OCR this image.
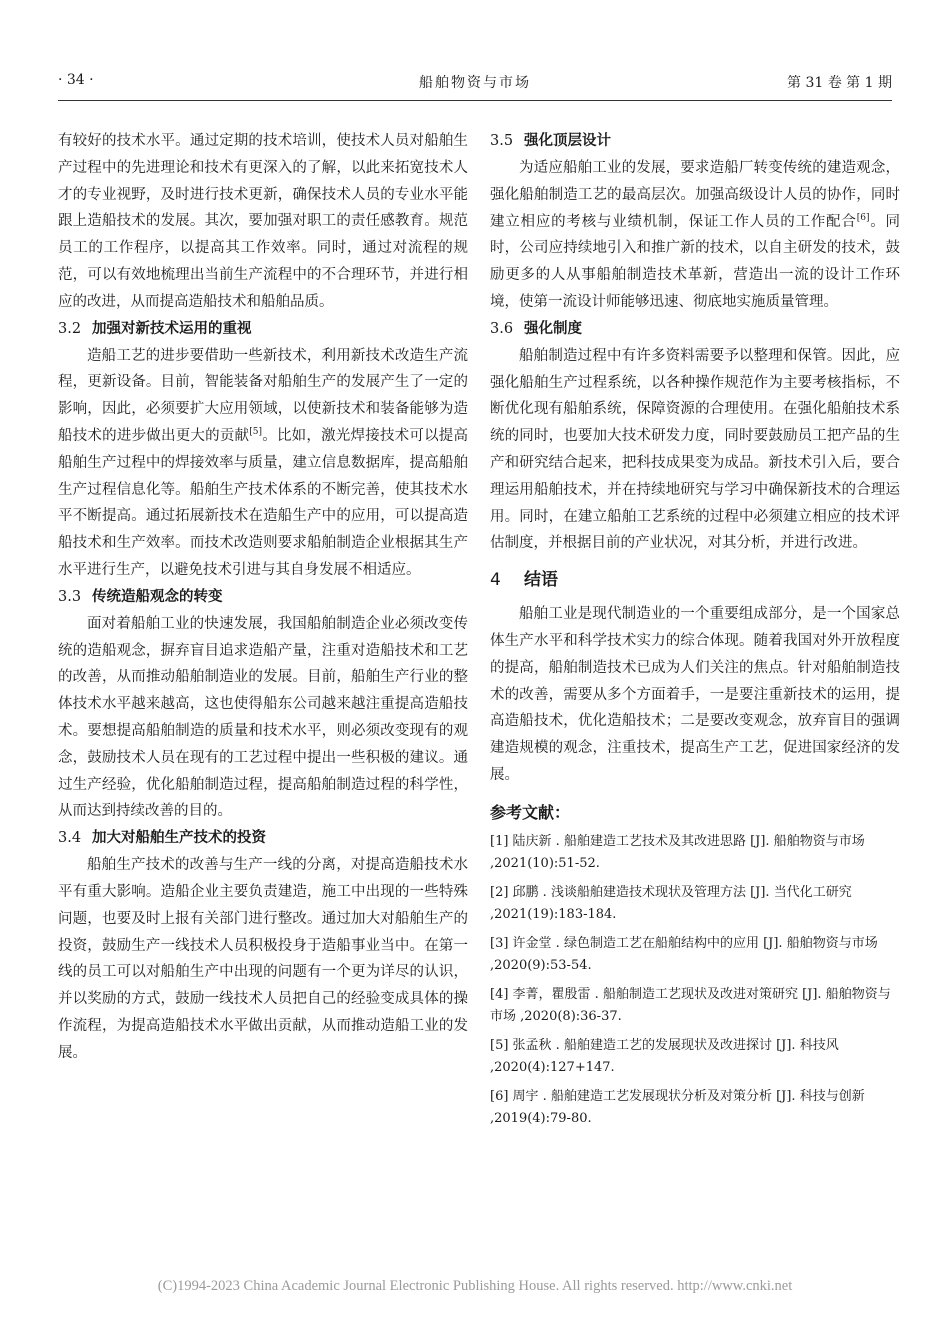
· 34 ·	船舶物资与市场	第 31 卷 第 1 期

有较好的技术水平。通过定期的技术培训，使技术人员对船舶生产过程中的先进理论和技术有更深入的了解，以此来拓宽技术人才的专业视野，及时进行技术更新，确保技术人员的专业水平能跟上造船技术的发展。其次，要加强对职工的责任感教育。规范员工的工作程序，以提高其工作效率。同时，通过对流程的规范，可以有效地梳理出当前生产流程中的不合理环节，并进行相应的改进，从而提高造船技术和船舶品质。

3.2 加强对新技术运用的重视

造船工艺的进步要借助一些新技术，利用新技术改造生产流程，更新设备。目前，智能装备对船舶生产的发展产生了一定的影响，因此，必须要扩大应用领域，以使新技术和装备能够为造船技术的进步做出更大的贡献[5]。比如，激光焊接技术可以提高船舶生产过程中的焊接效率与质量，建立信息数据库，提高船舶生产过程信息化等。船舶生产技术体系的不断完善，使其技术水平不断提高。通过拓展新技术在造船生产中的应用，可以提高造船技术和生产效率。而技术改造则要求船舶制造企业根据其生产水平进行生产，以避免技术引进与其自身发展不相适应。

3.3 传统造船观念的转变

面对着船舶工业的快速发展，我国船舶制造企业必须改变传统的造船观念，摒弃盲目追求造船产量，注重对造船技术和工艺的改善，从而推动船舶制造业的发展。目前，船舶生产行业的整体技术水平越来越高，这也使得船东公司越来越注重提高造船技术。要想提高船舶制造的质量和技术水平，则必须改变现有的观念，鼓励技术人员在现有的工艺过程中提出一些积极的建议。通过生产经验，优化船舶制造过程，提高船舶制造过程的科学性，从而达到持续改善的目的。

3.4 加大对船舶生产技术的投资

船舶生产技术的改善与生产一线的分离，对提高造船技术水平有重大影响。造船企业主要负责建造，施工中出现的一些特殊问题，也要及时上报有关部门进行整改。通过加大对船舶生产的投资，鼓励生产一线技术人员积极投身于造船事业当中。在第一线的员工可以对船舶生产中出现的问题有一个更为详尽的认识，并以奖励的方式，鼓励一线技术人员把自己的经验变成具体的操作流程，为提高造船技术水平做出贡献，从而推动造船工业的发展。

3.5 强化顶层设计

为适应船舶工业的发展，要求造船厂转变传统的建造观念，强化船舶制造工艺的最高层次。加强高级设计人员的协作，同时建立相应的考核与业绩机制，保证工作人员的工作配合[6]。同时，公司应持续地引入和推广新的技术，以自主研发的技术，鼓励更多的人从事船舶制造技术革新，营造出一流的设计工作环境，使第一流设计师能够迅速、彻底地实施质量管理。

3.6 强化制度

船舶制造过程中有许多资料需要予以整理和保管。因此，应强化船舶生产过程系统，以各种操作规范作为主要考核指标，不断优化现有船舶系统，保障资源的合理使用。在强化船舶技术系统的同时，也要加大技术研发力度，同时要鼓励员工把产品的生产和研究结合起来，把科技成果变为成品。新技术引入后，要合理运用船舶技术，并在持续地研究与学习中确保新技术的合理运用。同时，在建立船舶工艺系统的过程中必须建立相应的技术评估制度，并根据目前的产业状况，对其分析，并进行改进。

4 结语

船舶工业是现代制造业的一个重要组成部分，是一个国家总体生产水平和科学技术实力的综合体现。随着我国对外开放程度的提高，船舶制造技术已成为人们关注的焦点。针对船舶制造技术的改善，需要从多个方面着手，一是要注重新技术的运用，提高造船技术，优化造船技术；二是要改变观念，放弃盲目的强调建造规模的观念，注重技术，提高生产工艺，促进国家经济的发展。

参考文献：

[1] 陆庆新 . 船舶建造工艺技术及其改进思路 [J]. 船舶物资与市场 ,2021(10):51-52.

[2] 邱鹏 . 浅谈船舶建造技术现状及管理方法 [J]. 当代化工研究 ,2021(19):183-184.

[3] 许金堂 . 绿色制造工艺在船舶结构中的应用 [J]. 船舶物资与市场 ,2020(9):53-54.

[4] 李菁，瞿殷雷 . 船舶制造工艺现状及改进对策研究 [J]. 船舶物资与市场 ,2020(8):36-37.

[5] 张孟秋 . 船舶建造工艺的发展现状及改进探讨 [J]. 科技风 ,2020(4):127+147.

[6] 周宇 . 船舶建造工艺发展现状分析及对策分析 [J]. 科技与创新 ,2019(4):79-80.

(C)1994-2023 China Academic Journal Electronic Publishing House. All rights reserved. http://www.cnki.net
